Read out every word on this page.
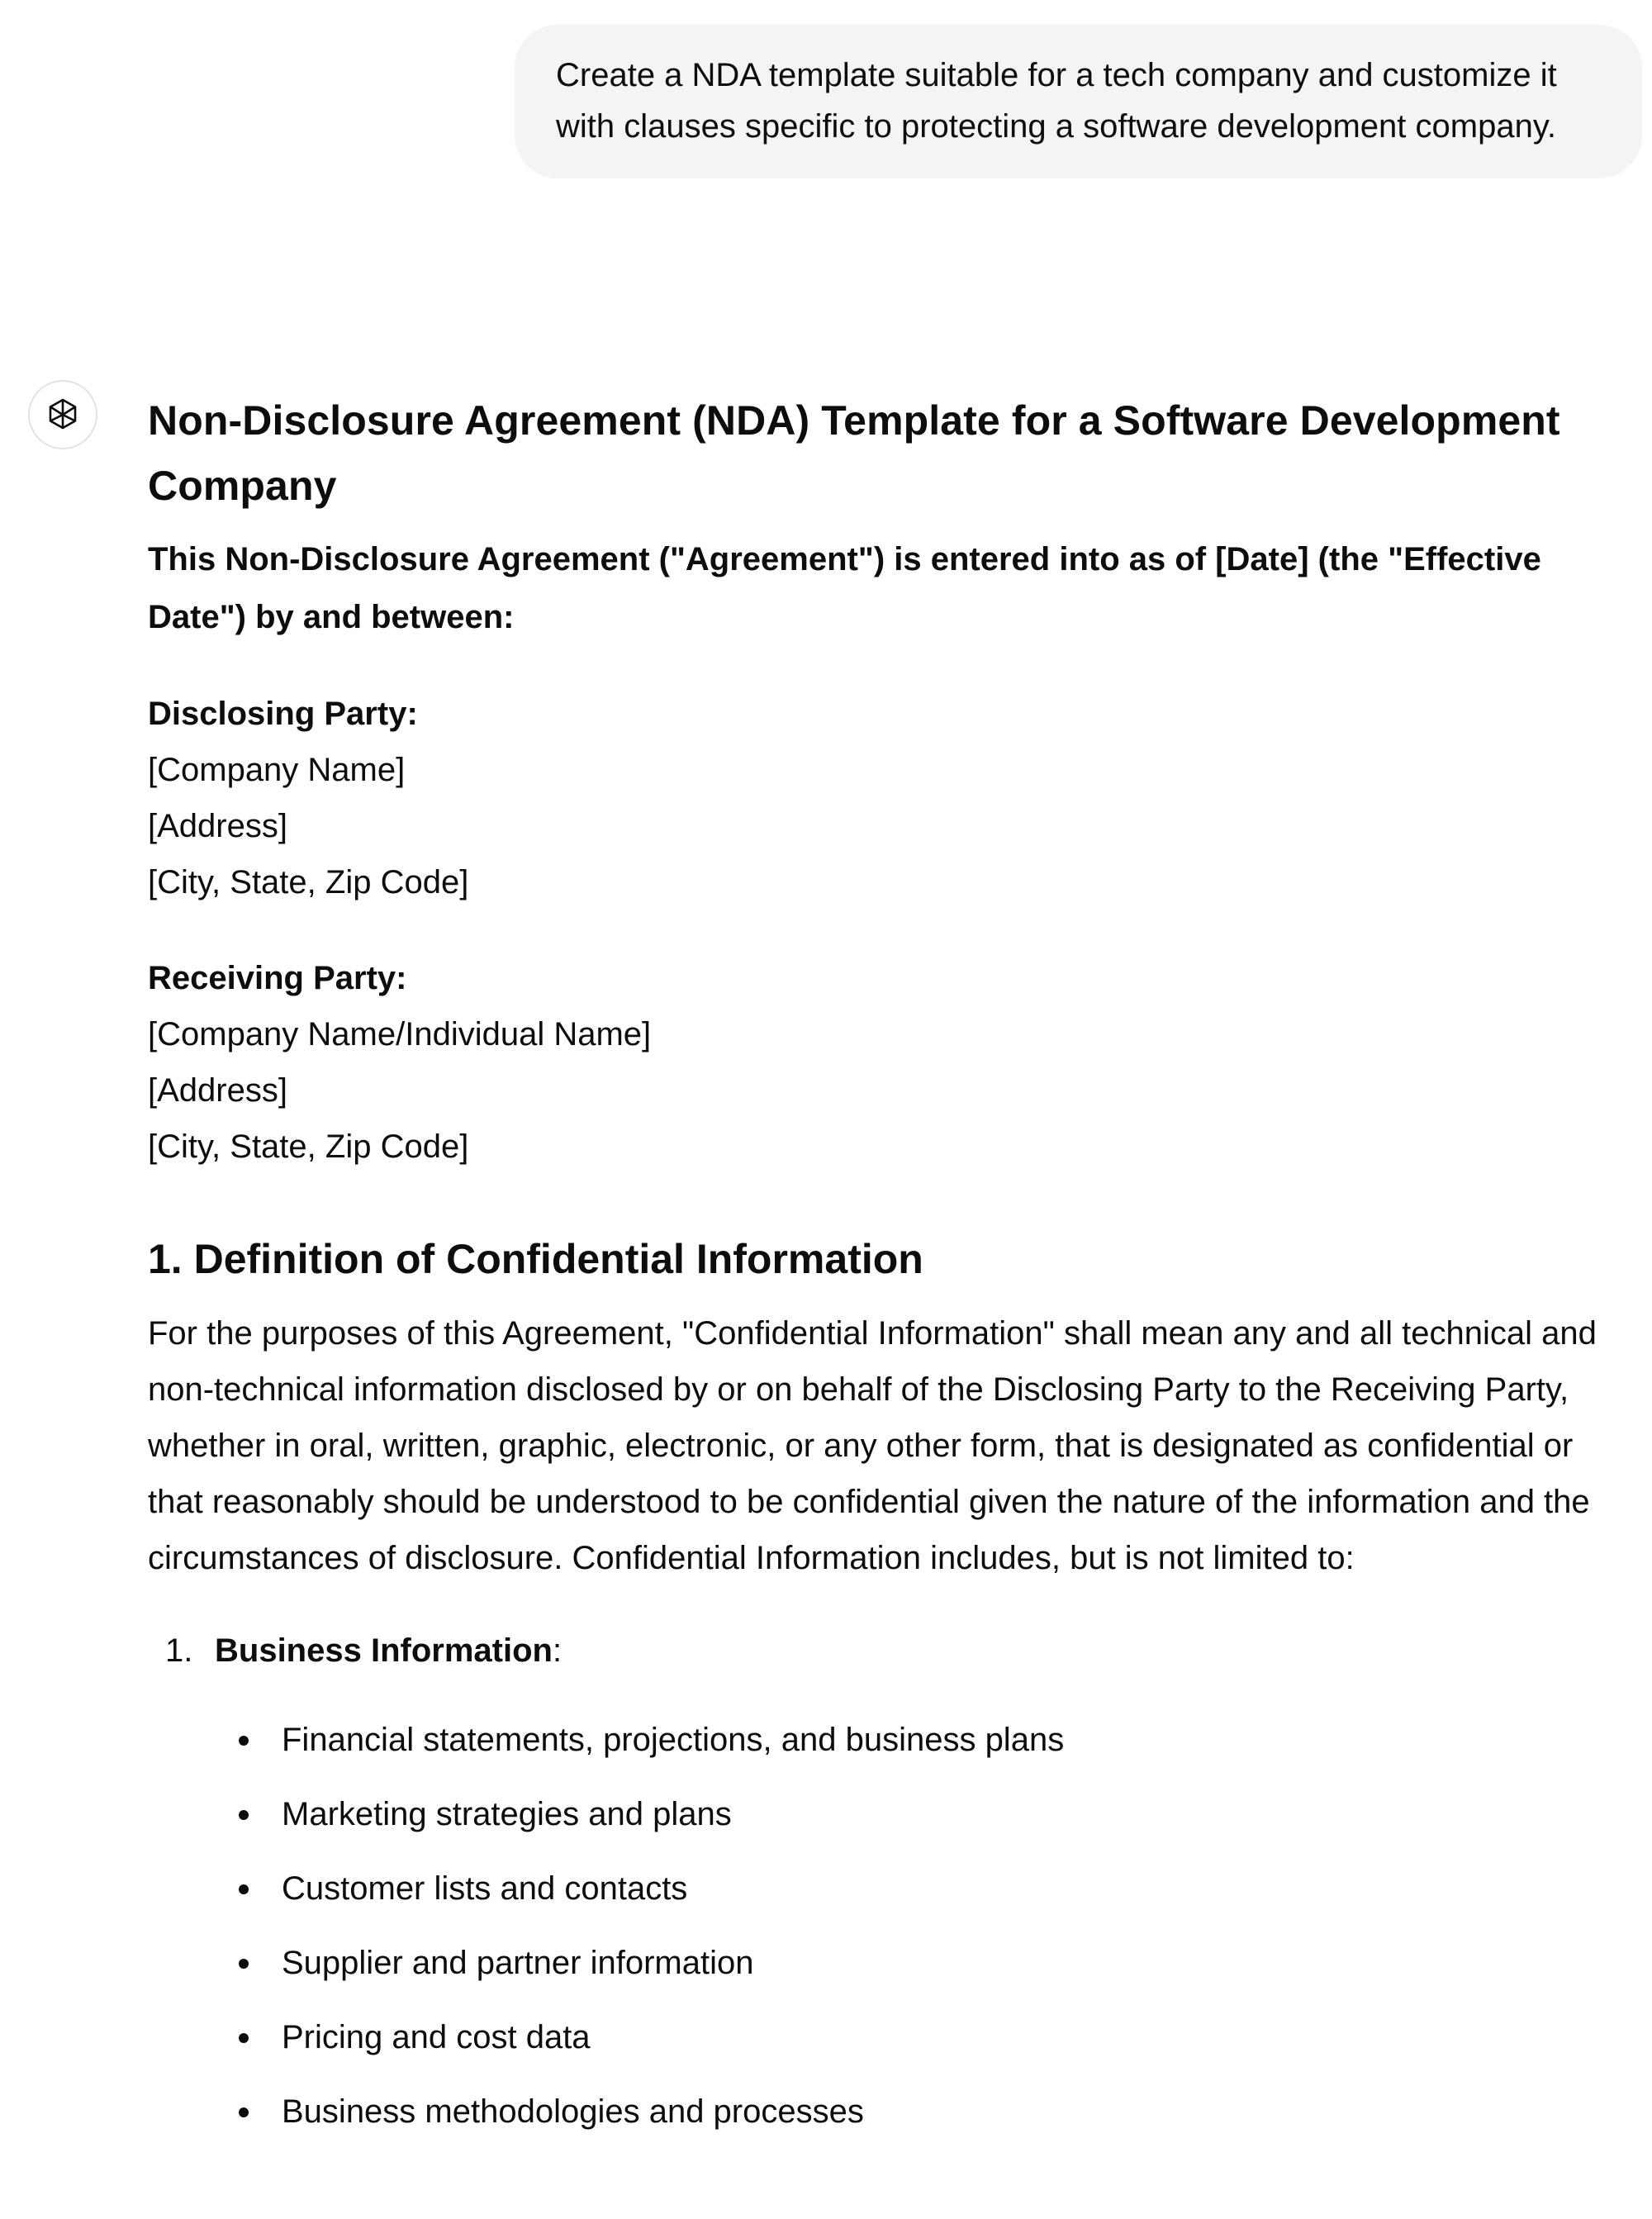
Create a NDA template suitable for a tech company and customize it with clauses specific to protecting a software development company.
Non-Disclosure Agreement (NDA) Template for a Software Development Company

This Non-Disclosure Agreement ("Agreement") is entered into as of [Date] (the "Effective Date") by and between:

Disclosing Party:
[Company Name]
[Address]
[City, State, Zip Code]
Receiving Party:
[Company Name/Individual Name]
[Address]
[City, State, Zip Code]
1. Definition of Confidential Information

For the purposes of this Agreement, "Confidential Information" shall mean any and all technical and non-technical information disclosed by or on behalf of the Disclosing Party to the Receiving Party, whether in oral, written, graphic, electronic, or any other form, that is designated as confidential or that reasonably should be understood to be confidential given the nature of the information and the circumstances of disclosure. Confidential Information includes, but is not limited to:

1. Business Information:
Financial statements, projections, and business plans
Marketing strategies and plans
Customer lists and contacts
Supplier and partner information
Pricing and cost data
Business methodologies and processes
